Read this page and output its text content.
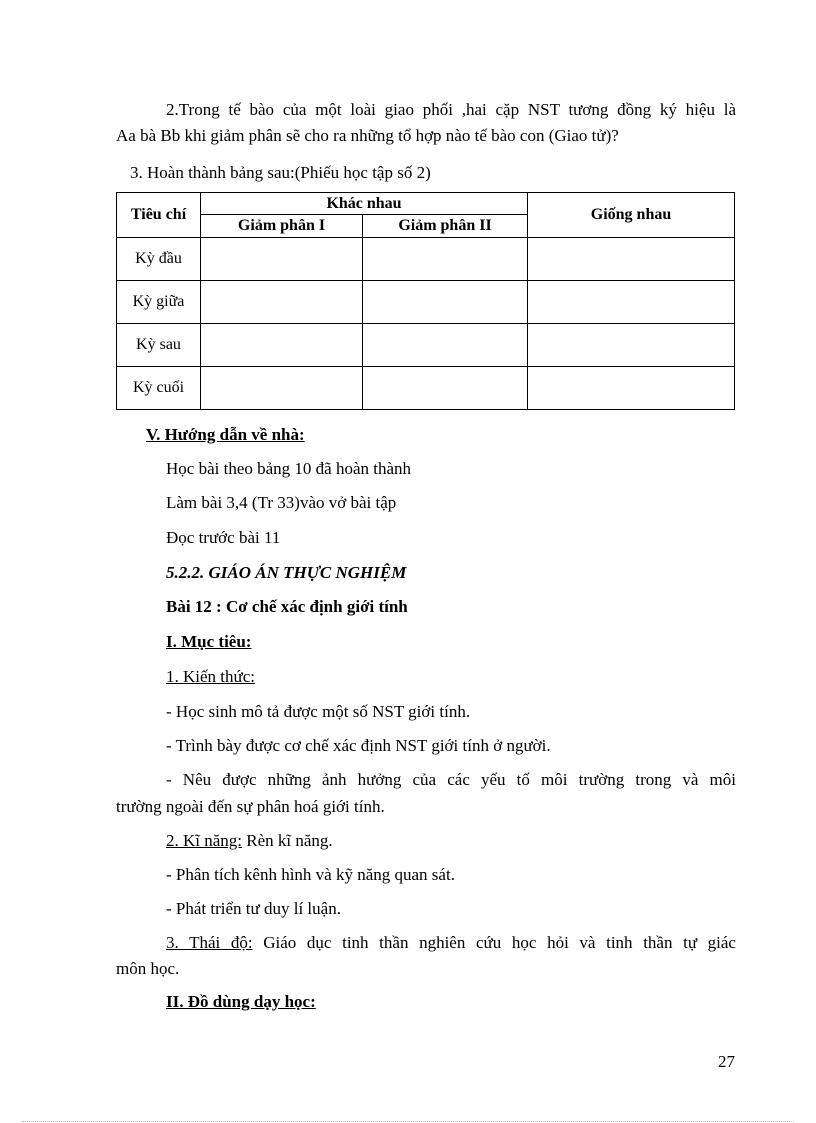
2.Trong tế bào của một loài giao phối ,hai cặp NST tương đồng ký hiệu là

Aa bà Bb khi giảm phân sẽ cho ra những tổ hợp nào tế bào con (Giao tử)?

3. Hoàn thành bảng sau:(Phiếu học tập số 2)

Tiêu chí	Khác nhau		Giống nhau
	Giảm phân I	Giảm phân II	
Kỳ đầu			
Kỳ giữa			
Kỳ sau			
Kỳ cuối			

V. Hướng dẫn về nhà:

Học bài theo bảng 10 đã hoàn thành

Làm bài 3,4 (Tr 33)vào vở bài tập

Đọc trước bài 11

5.2.2. GIÁO ÁN THỰC NGHIỆM

Bài 12 : Cơ chế xác định giới tính

I. Mục tiêu:

1. Kiến thức:

- Học sinh mô tả được một số NST giới tính.

- Trình bày được cơ chế xác định NST giới tính ở người.

- Nêu được những ảnh hưởng của các yếu tố môi trường trong và môi

trường ngoài đến sự phân hoá giới tính.

2. Kĩ năng: Rèn kĩ năng.

- Phân tích kênh hình và kỹ năng quan sát.

- Phát triển tư duy lí luận.

3. Thái độ: Giáo dục tinh thần nghiên cứu học hỏi và tinh thần tự giác

môn học.

II. Đồ dùng dạy học:

27
